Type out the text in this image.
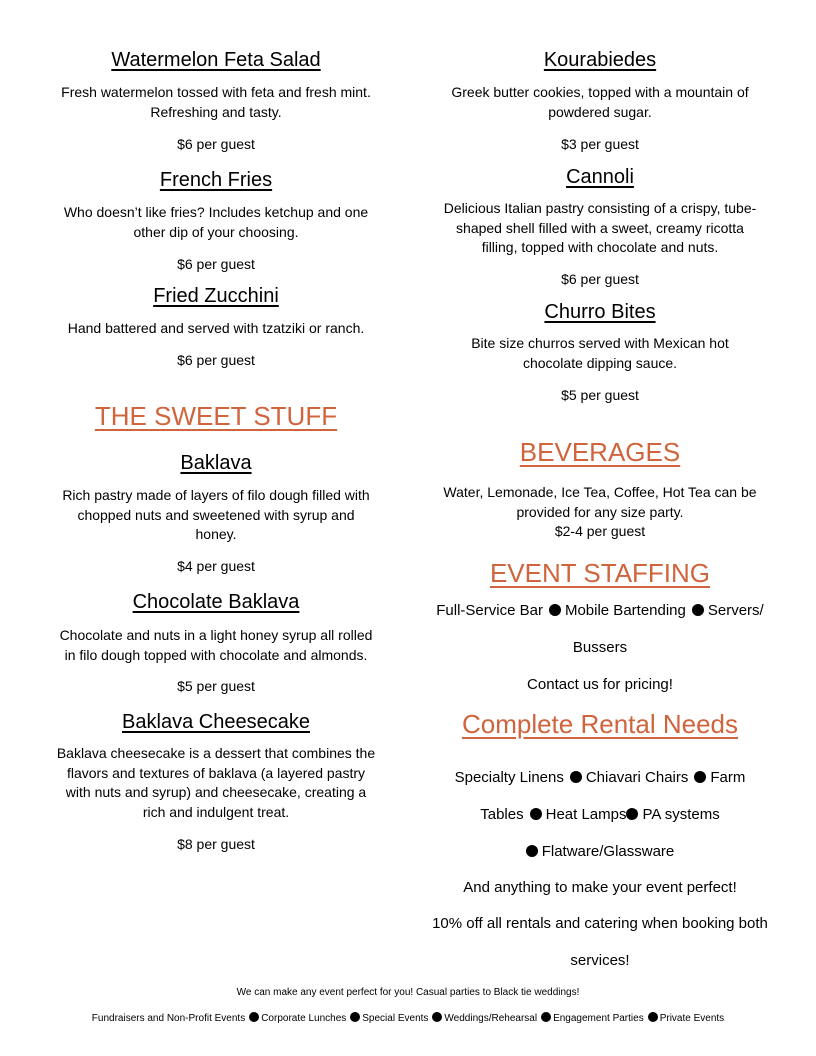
Watermelon Feta Salad
Fresh watermelon tossed with feta and fresh mint.
Refreshing and tasty.
$6 per guest
French Fries
Who doesn’t like fries? Includes ketchup and one
other dip of your choosing.
$6 per guest
Fried Zucchini
Hand battered and served with tzatziki or ranch.
$6 per guest
THE SWEET STUFF
Baklava
Rich pastry made of layers of filo dough filled with
chopped nuts and sweetened with syrup and
honey.
$4 per guest
Chocolate Baklava
Chocolate and nuts in a light honey syrup all rolled
in filo dough topped with chocolate and almonds.
$5 per guest
Baklava Cheesecake
Baklava cheesecake is a dessert that combines the
flavors and textures of baklava (a layered pastry
with nuts and syrup) and cheesecake, creating a
rich and indulgent treat.
$8 per guest
Kourabiedes
Greek butter cookies, topped with a mountain of
powdered sugar.
$3 per guest
Cannoli
Delicious Italian pastry consisting of a crispy, tube-
shaped shell filled with a sweet, creamy ricotta
filling, topped with chocolate and nuts.
$6 per guest
Churro Bites
Bite size churros served with Mexican hot
chocolate dipping sauce.
$5 per guest
BEVERAGES
Water, Lemonade, Ice Tea, Coffee, Hot Tea can be
provided for any size party.
$2-4 per guest
EVENT STAFFING
Full-Service Bar Mobile Bartending Servers/
Bussers
Contact us for pricing!
Complete Rental Needs
Specialty Linens Chiavari Chairs Farm
Tables Heat Lamps PA systems
Flatware/Glassware
And anything to make your event perfect!
10% off all rentals and catering when booking both
services!
We can make any event perfect for you! Casual parties to Black tie weddings!
Fundraisers and Non-Profit Events Corporate Lunches Special Events Weddings/Rehearsal Engagement Parties Private Events
